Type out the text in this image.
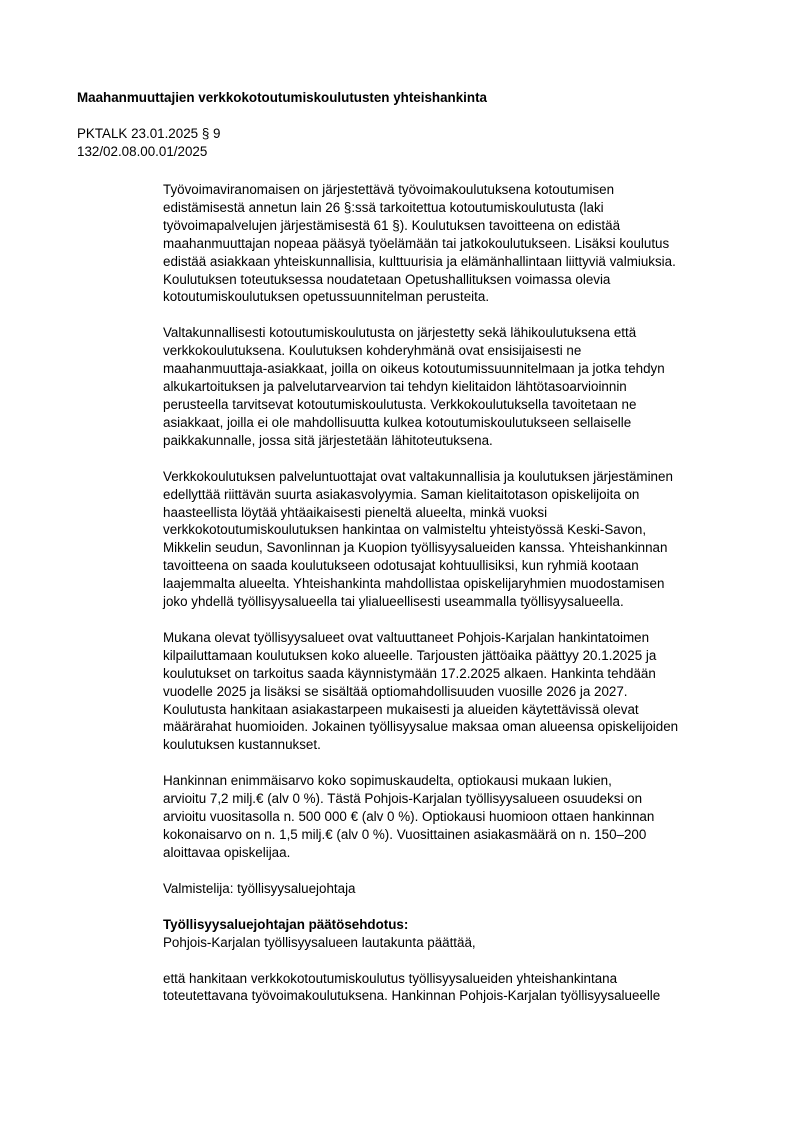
Maahanmuuttajien verkkokotoutumiskoulutusten yhteishankinta
PKTALK 23.01.2025 § 9
132/02.08.00.01/2025

Työvoimaviranomaisen on järjestettävä työvoimakoulutuksena kotoutumisen
edistämisestä annetun lain 26 §:ssä tarkoitettua kotoutumiskoulutusta (laki
työvoimapalvelujen järjestämisestä 61 §). Koulutuksen tavoitteena on edistää
maahanmuuttajan nopeaa pääsyä työelämään tai jatkokoulutukseen. Lisäksi koulutus
edistää asiakkaan yhteiskunnallisia, kulttuurisia ja elämänhallintaan liittyviä valmiuksia.
Koulutuksen toteutuksessa noudatetaan Opetushallituksen voimassa olevia
kotoutumiskoulutuksen opetussuunnitelman perusteita.

Valtakunnallisesti kotoutumiskoulutusta on järjestetty sekä lähikoulutuksena että
verkkokoulutuksena. Koulutuksen kohderyhmänä ovat ensisijaisesti ne
maahanmuuttaja-asiakkaat, joilla on oikeus kotoutumissuunnitelmaan ja jotka tehdyn
alkukartoituksen ja palvelutarvearvion tai tehdyn kielitaidon lähtötasoarvioinnin
perusteella tarvitsevat kotoutumiskoulutusta. Verkkokoulutuksella tavoitetaan ne
asiakkaat, joilla ei ole mahdollisuutta kulkea kotoutumiskoulutukseen sellaiselle
paikkakunnalle, jossa sitä järjestetään lähitoteutuksena.

Verkkokoulutuksen palveluntuottajat ovat valtakunnallisia ja koulutuksen järjestäminen
edellyttää riittävän suurta asiakasvolyymia. Saman kielitaitotason opiskelijoita on
haasteellista löytää yhtäaikaisesti pieneltä alueelta, minkä vuoksi
verkkokotoutumiskoulutuksen hankintaa on valmisteltu yhteistyössä Keski-Savon,
Mikkelin seudun, Savonlinnan ja Kuopion työllisyysalueiden kanssa. Yhteishankinnan
tavoitteena on saada koulutukseen odotusajat kohtuullisiksi, kun ryhmiä kootaan
laajemmalta alueelta. Yhteishankinta mahdollistaa opiskelijaryhmien muodostamisen
joko yhdellä työllisyysalueella tai ylialueellisesti useammalla työllisyysalueella.

Mukana olevat työllisyysalueet ovat valtuuttaneet Pohjois-Karjalan hankintatoimen
kilpailuttamaan koulutuksen koko alueelle. Tarjousten jättöaika päättyy 20.1.2025 ja
koulutukset on tarkoitus saada käynnistymään 17.2.2025 alkaen. Hankinta tehdään
vuodelle 2025 ja lisäksi se sisältää optiomahdollisuuden vuosille 2026 ja 2027.
Koulutusta hankitaan asiakastarpeen mukaisesti ja alueiden käytettävissä olevat
määrärahat huomioiden. Jokainen työllisyysalue maksaa oman alueensa opiskelijoiden
koulutuksen kustannukset.

Hankinnan enimmäisarvo koko sopimuskaudelta, optiokausi mukaan lukien,
arvioitu 7,2 milj.€ (alv 0 %). Tästä Pohjois-Karjalan työllisyysalueen osuudeksi on
arvioitu vuositasolla n. 500 000 € (alv 0 %). Optiokausi huomioon ottaen hankinnan
kokonaisarvo on n. 1,5 milj.€ (alv 0 %). Vuosittainen asiakasmäärä on n. 150–200
aloittavaa opiskelijaa.

Valmistelija: työllisyysaluejohtaja

Työllisyysaluejohtajan päätösehdotus:
Pohjois-Karjalan työllisyysalueen lautakunta päättää,

että hankitaan verkkokotoutumiskoulutus työllisyysalueiden yhteishankintana
toteutettavana työvoimakoulutuksena. Hankinnan Pohjois-Karjalan työllisyysalueelle
